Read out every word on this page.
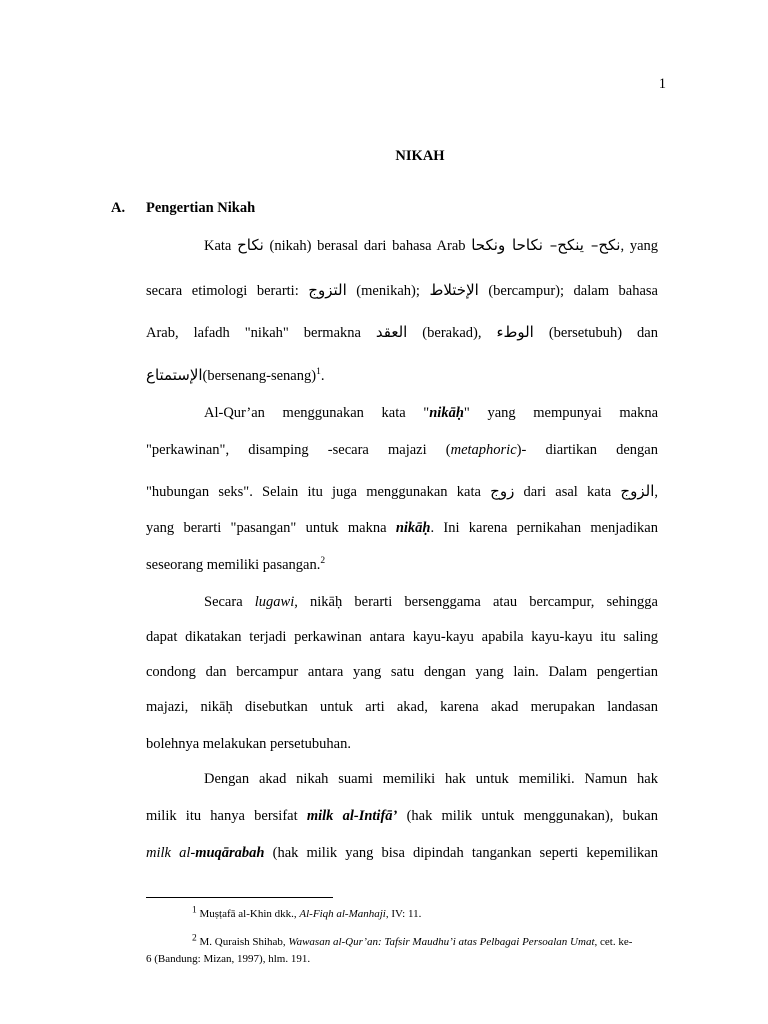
1
NIKAH
A. Pengertian Nikah
Kata نكاح (nikah) berasal dari bahasa Arab نكح– ينكح– نكاحا ونكحا, yang
secara etimologi berarti: التزوج (menikah); الإختلاط (bercampur); dalam bahasa
Arab, lafadh "nikah" bermakna العقد (berakad), الوطء (bersetubuh) dan
الإستمتاع(bersenang-senang)$^1$.
Al-Qur’an menggunakan kata "nikāḥ" yang mempunyai makna
"perkawinan", disamping -secara majazi (metaphoric)- diartikan dengan
"hubungan seks". Selain itu juga menggunakan kata زوج dari asal kata الزوج,
yang berarti "pasangan" untuk makna nikāḥ. Ini karena pernikahan menjadikan
seseorang memiliki pasangan.$^2$
Secara lugawi, nikāḥ berarti bersenggama atau bercampur, sehingga
dapat dikatakan terjadi perkawinan antara kayu-kayu apabila kayu-kayu itu saling
condong dan bercampur antara yang satu dengan yang lain. Dalam pengertian
majazi, nikāḥ disebutkan untuk arti akad, karena akad merupakan landasan
bolehnya melakukan persetubuhan.
Dengan akad nikah suami memiliki hak untuk memiliki. Namun hak
milik itu hanya bersifat milk al-Intifā’ (hak milik untuk menggunakan), bukan
milk al-muqārabah (hak milik yang bisa dipindah tangankan seperti kepemilikan
$^1$ Muṣṭafā al-Khin dkk., Al-Fiqh al-Manhaji, IV: 11.
$^2$ M. Quraish Shihab, Wawasan al-Qur’an: Tafsir Maudhu’i atas Pelbagai Persoalan Umat, cet. ke-
6 (Bandung: Mizan, 1997), hlm. 191.
